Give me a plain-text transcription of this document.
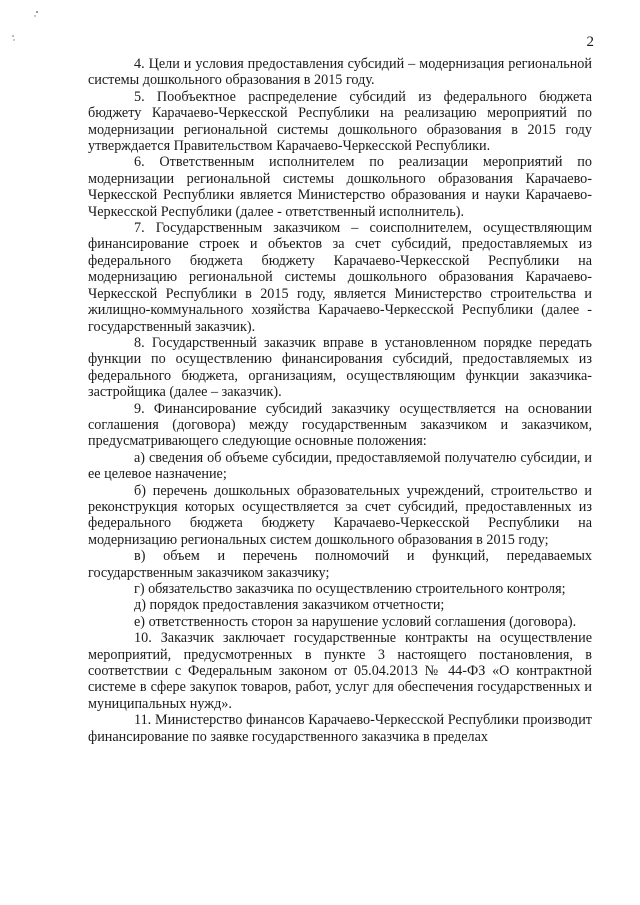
2

4. Цели и условия предоставления субсидий – модернизация региональной системы дошкольного образования в 2015 году.

5. Пообъектное распределение субсидий из федерального бюджета бюджету Карачаево-Черкесской Республики на реализацию мероприятий по модернизации региональной системы дошкольного образования в 2015 году утверждается Правительством Карачаево-Черкесской Республики.

6. Ответственным исполнителем по реализации мероприятий по модернизации региональной системы дошкольного образования Карачаево-Черкесской Республики является Министерство образования и науки Карачаево-Черкесской Республики (далее - ответственный исполнитель).

7. Государственным заказчиком – соисполнителем, осуществляющим финансирование строек и объектов за счет субсидий, предоставляемых из федерального бюджета бюджету Карачаево-Черкесской Республики на модернизацию региональной системы дошкольного образования Карачаево-Черкесской Республики в 2015 году, является Министерство строительства и жилищно-коммунального хозяйства Карачаево-Черкесской Республики (далее - государственный заказчик).

8. Государственный заказчик вправе в установленном порядке передать функции по осуществлению финансирования субсидий, предоставляемых из федерального бюджета, организациям, осуществляющим функции заказчика-застройщика (далее – заказчик).

9. Финансирование субсидий заказчику осуществляется на основании соглашения (договора) между государственным заказчиком и заказчиком, предусматривающего следующие основные положения:

а) сведения об объеме субсидии, предоставляемой получателю субсидии, и ее целевое назначение;

б) перечень дошкольных образовательных учреждений, строительство и реконструкция которых осуществляется за счет субсидий, предоставленных из федерального бюджета бюджету Карачаево-Черкесской Республики на модернизацию региональных систем дошкольного образования в 2015 году;

в) объем и перечень полномочий и функций, передаваемых государственным заказчиком заказчику;

г) обязательство заказчика по осуществлению строительного контроля;

д) порядок предоставления заказчиком отчетности;

е) ответственность сторон за нарушение условий соглашения (договора).

10. Заказчик заключает государственные контракты на осуществление мероприятий, предусмотренных в пункте 3 настоящего постановления, в соответствии с Федеральным законом от 05.04.2013 № 44-ФЗ «О контрактной системе в сфере закупок товаров, работ, услуг для обеспечения государственных и муниципальных нужд».

11. Министерство финансов Карачаево-Черкесской Республики производит финансирование по заявке государственного заказчика в пределах
